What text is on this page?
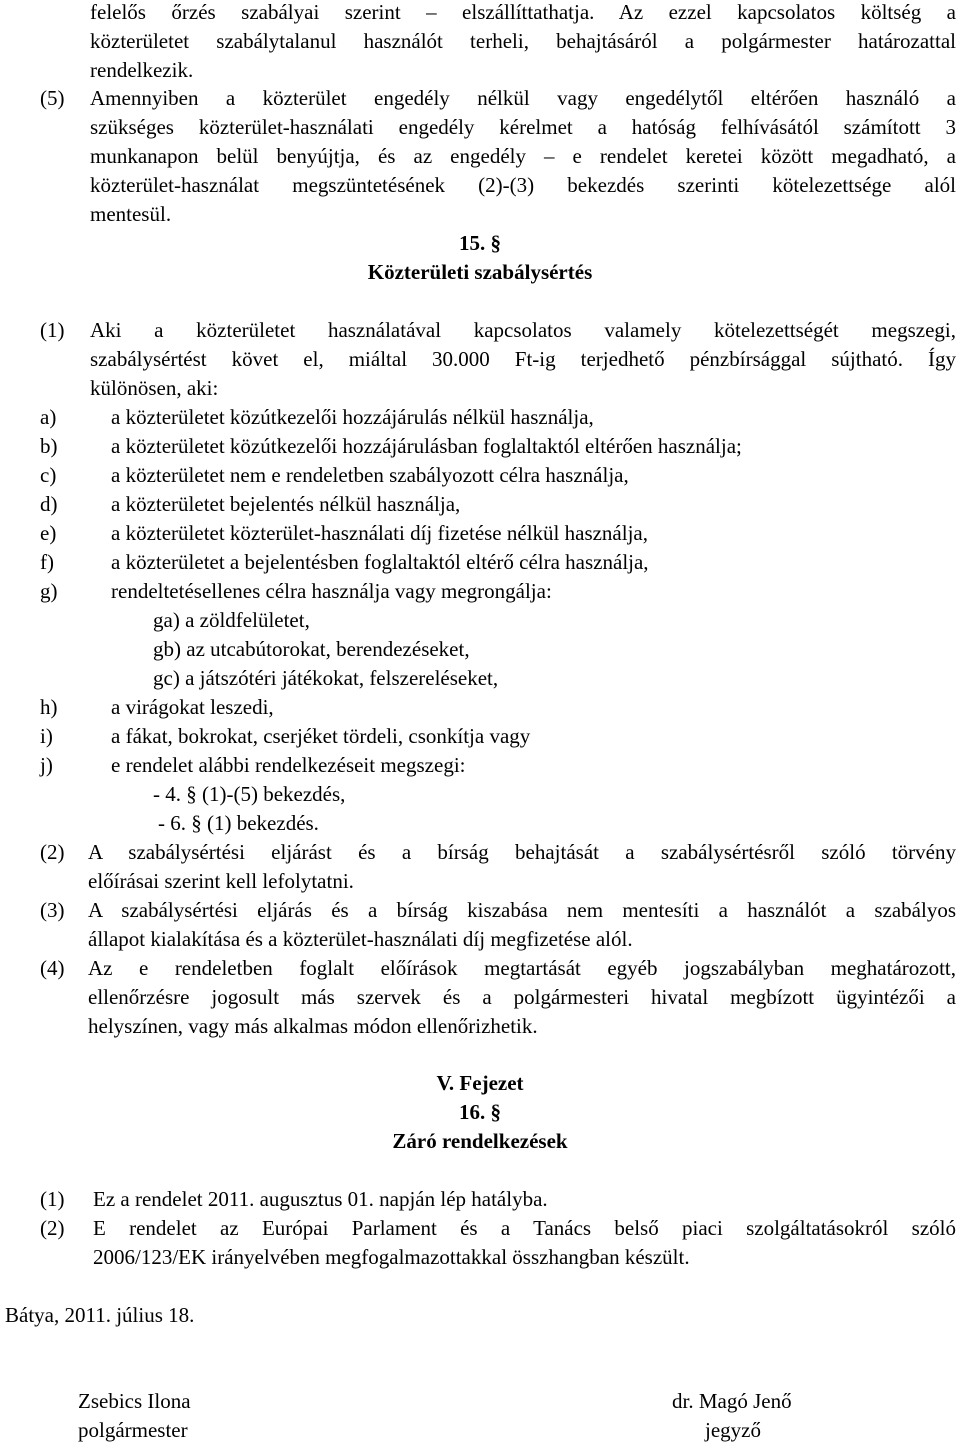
felelős őrzés szabályai szerint – elszállíttathatja. Az ezzel kapcsolatos költség a
közterületet szabálytalanul használót terheli, behajtásáról a polgármester határozattal
rendelkezik.
(5) Amennyiben a közterület engedély nélkül vagy engedélytől eltérően használó a
szükséges közterület-használati engedély kérelmet a hatóság felhívásától számított 3
munkanapon belül benyújtja, és az engedély – e rendelet keretei között megadható, a
közterület-használat megszüntetésének (2)-(3) bekezdés szerinti kötelezettsége alól
mentesül.
15. §
Közterületi szabálysértés
(1) Aki a közterületet használatával kapcsolatos valamely kötelezettségét megszegi,
szabálysértést követ el, miáltal 30.000 Ft-ig terjedhető pénzbírsággal sújtható. Így
különösen, aki:
a)	a közterületet közútkezelői hozzájárulás nélkül használja,
b)	a közterületet közútkezelői hozzájárulásban foglaltaktól eltérően használja;
c)	a közterületet nem e rendeletben szabályozott célra használja,
d)	a közterületet bejelentés nélkül használja,
e)	a közterületet közterület-használati díj fizetése nélkül használja,
f)	a közterületet a bejelentésben foglaltaktól eltérő célra használja,
g)	rendeltetésellenes célra használja vagy megrongálja:
ga) a zöldfelületet,
gb) az utcabútorokat, berendezéseket,
gc) a játszótéri játékokat, felszereléseket,
h)	a virágokat leszedi,
i)	a fákat, bokrokat, cserjéket tördeli, csonkítja vagy
j)	e rendelet alábbi rendelkezéseit megszegi:
- 4. § (1)-(5) bekezdés,
- 6. § (1) bekezdés.
(2) A szabálysértési eljárást és a bírság behajtását a szabálysértésről szóló törvény
előírásai szerint kell lefolytatni.
(3) A szabálysértési eljárás és a bírság kiszabása nem mentesíti a használót a szabályos
állapot kialakítása és a közterület-használati díj megfizetése alól.
(4) Az e rendeletben foglalt előírások megtartását egyéb jogszabályban meghatározott,
ellenőrzésre jogosult más szervek és a polgármesteri hivatal megbízott ügyintézői a
helyszínen, vagy más alkalmas módon ellenőrizhetik.
V. Fejezet
16. §
Záró rendelkezések
(1) Ez a rendelet 2011. augusztus 01. napján lép hatályba.
(2) E rendelet az Európai Parlament és a Tanács belső piaci szolgáltatásokról szóló
2006/123/EK irányelvében megfogalmazottakkal összhangban készült.
Bátya, 2011. július 18.
Zsebics Ilona
polgármester
dr. Magó Jenő
jegyző
